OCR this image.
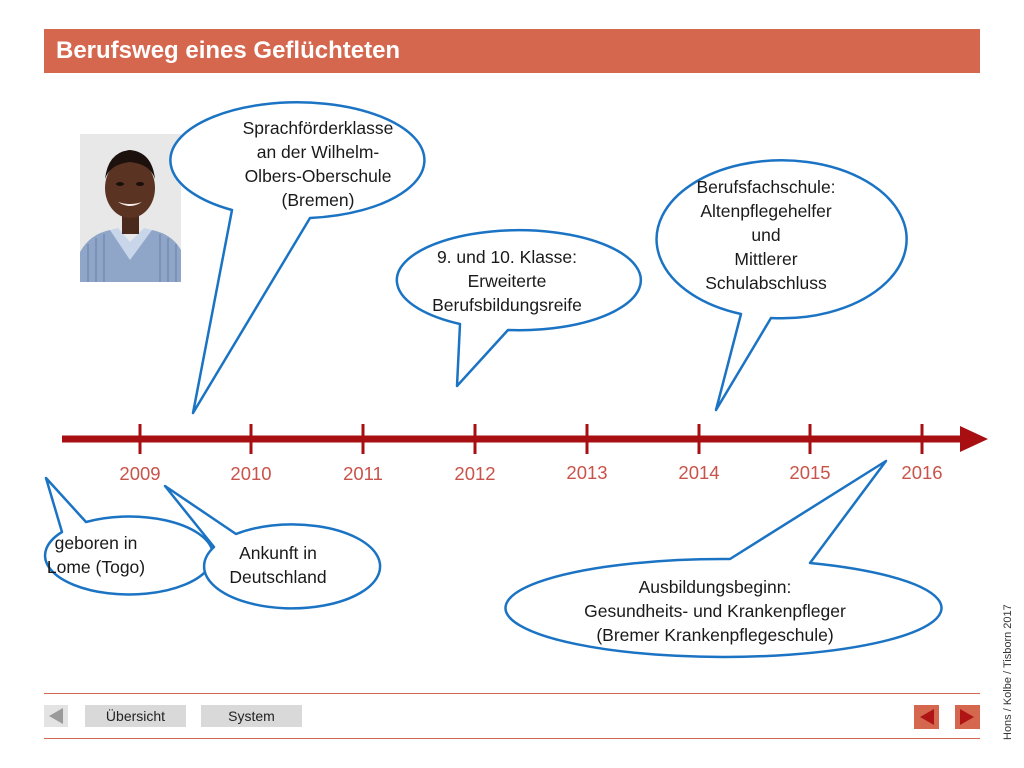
Berufsweg eines Geflüchteten
2009	2010	2011	2012	2013	2014	2015	2016
Sprachförderklasse
an der Wilhelm-
Olbers-Oberschule
(Bremen)
9. und 10. Klasse:
Erweiterte
Berufsbildungsreife
Berufsfachschule:
Altenpflegehelfer
und
Mittlerer
Schulabschluss
geboren in
Lome (Togo)
Ankunft in
Deutschland	Ausbildungsbeginn:
Gesundheits- und Krankenpfleger
(Bremer Krankenpflegeschule)
Übersicht	System	Hons / Kolbe / Tisborn 2017
